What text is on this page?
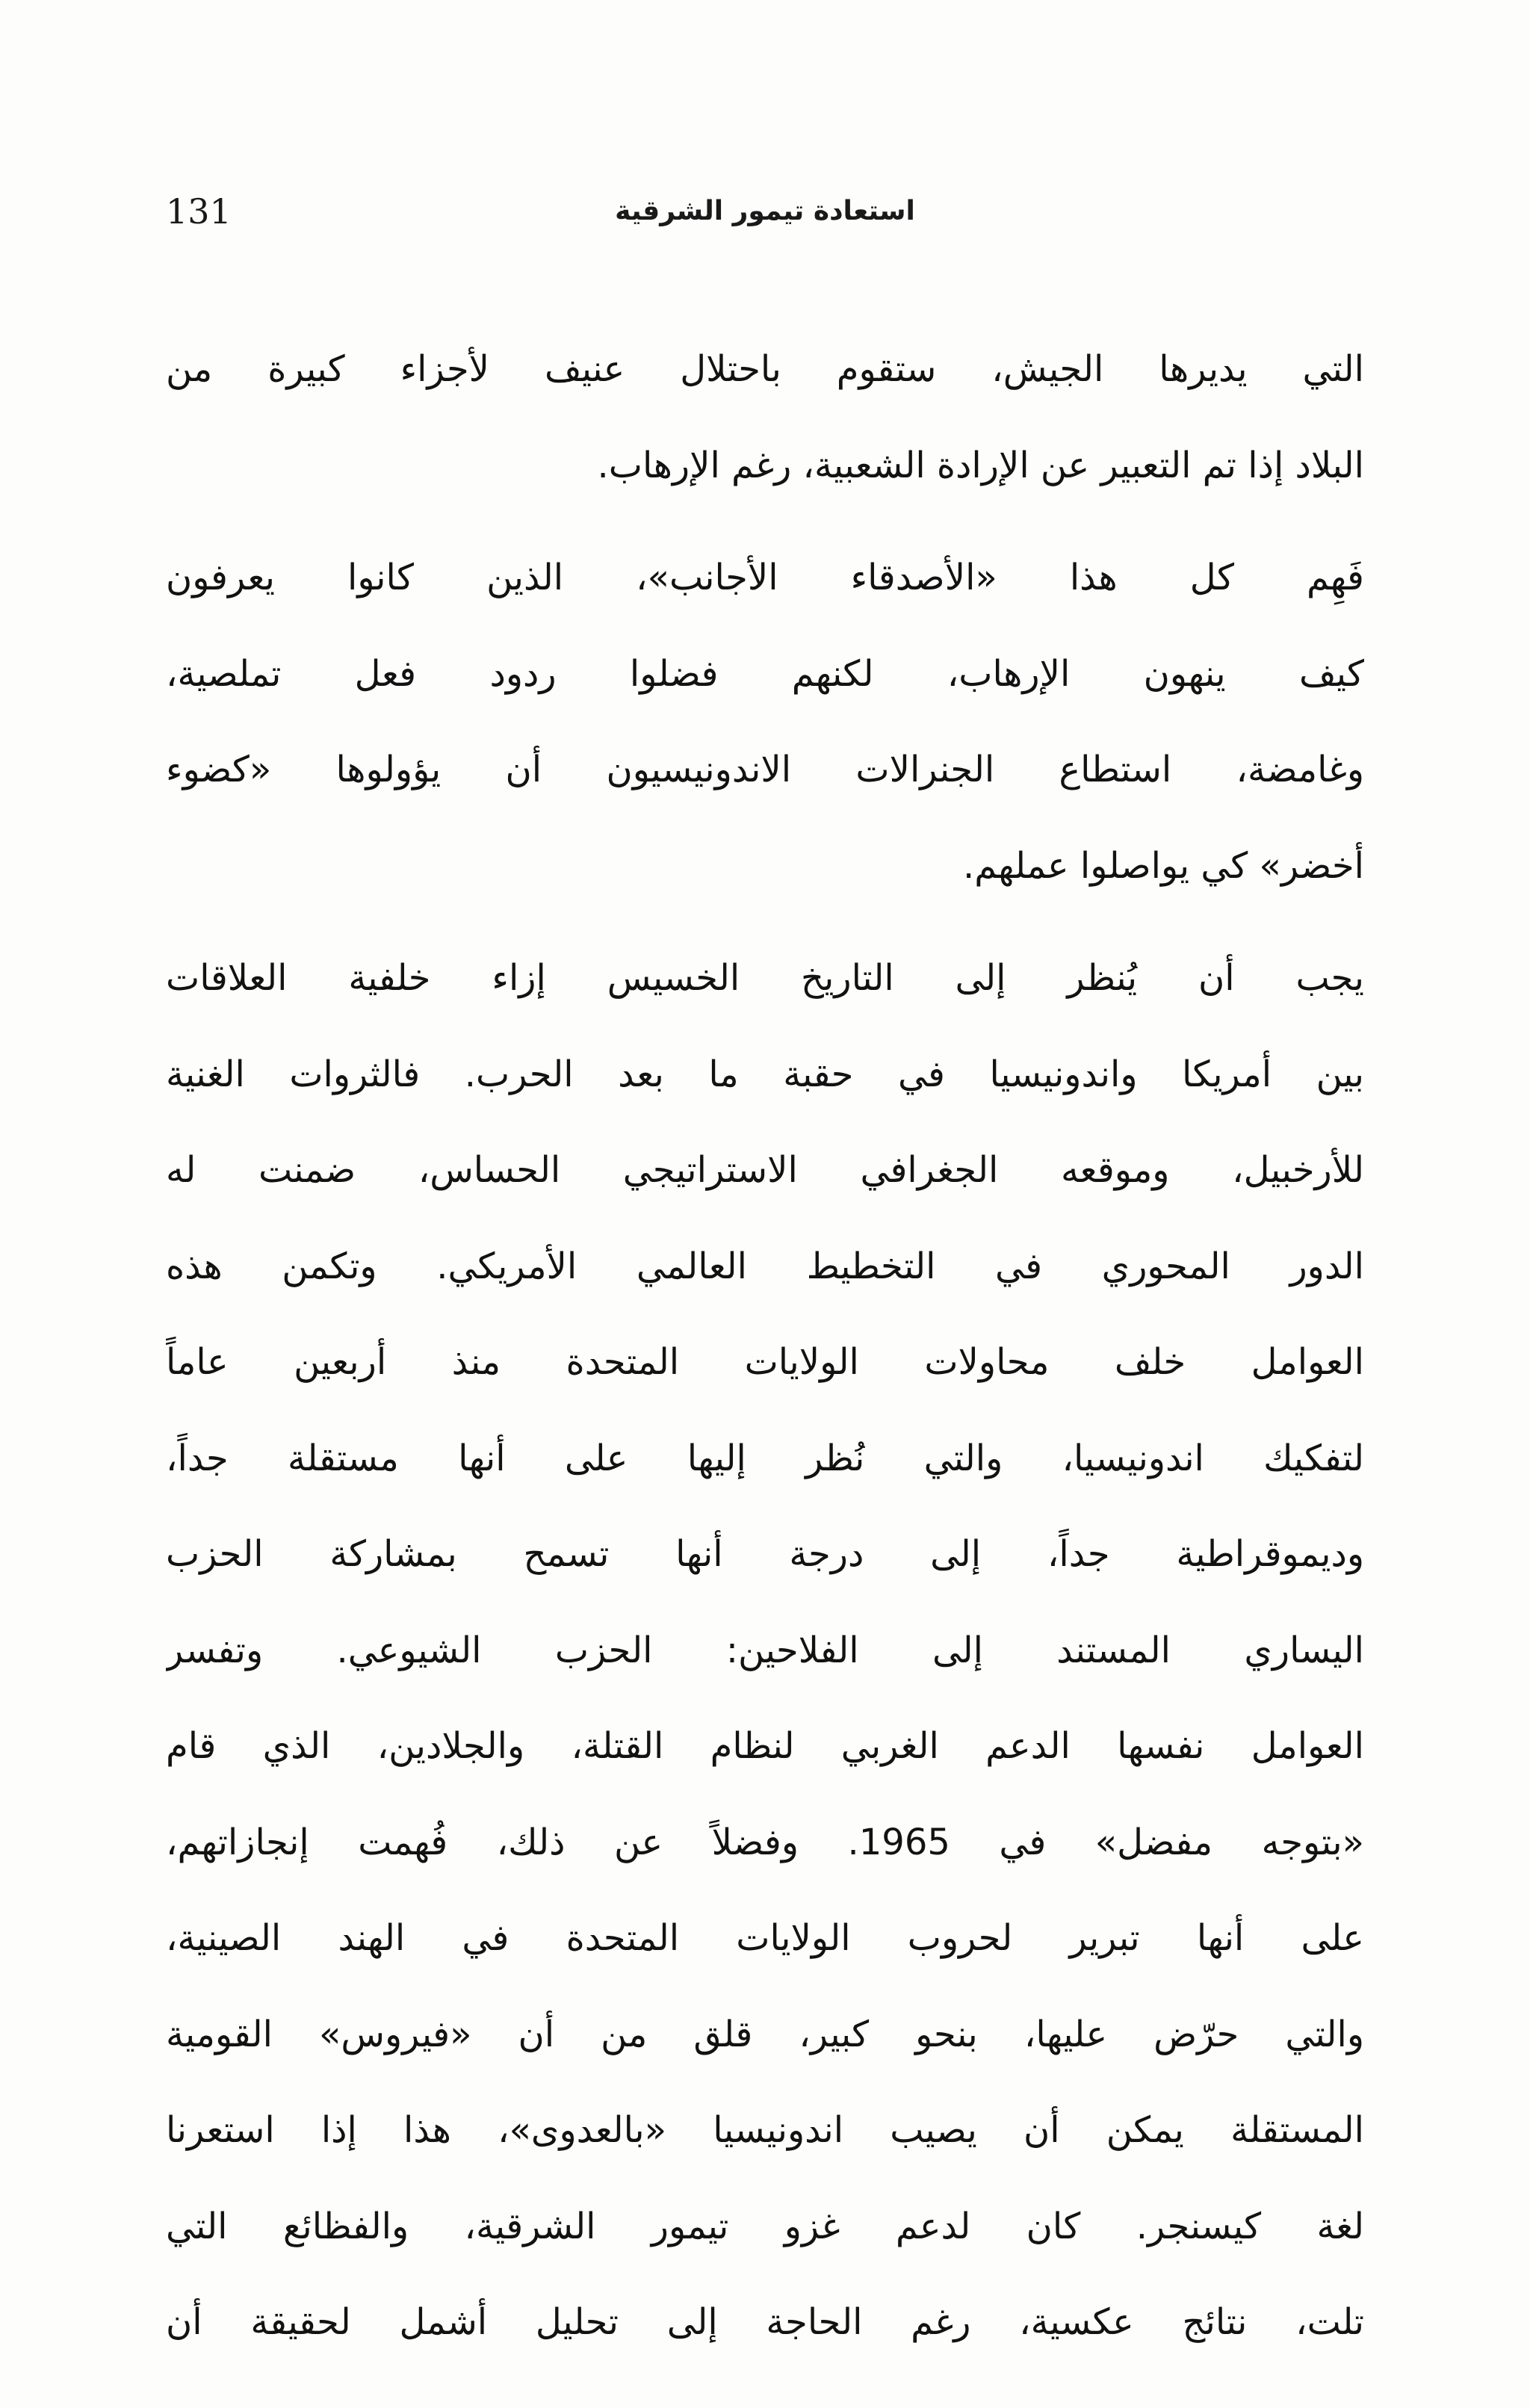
131	استعادة تيمور الشرقية
التي يديرها الجيش، ستقوم باحتلال عنيف لأجزاء كبيرة من
البلاد إذا تم التعبير عن الإرادة الشعبية، رغم الإرهاب.
فَهِم كل هذا «الأصدقاء الأجانب»، الذين كانوا يعرفون
كيف ينهون الإرهاب، لكنهم فضلوا ردود فعل تملصية،
وغامضة، استطاع الجنرالات الاندونيسيون أن يؤولوها «كضوء
أخضر» كي يواصلوا عملهم.
يجب أن يُنظر إلى التاريخ الخسيس إزاء خلفية العلاقات
بين أمريكا واندونيسيا في حقبة ما بعد الحرب. فالثروات الغنية
للأرخبيل، وموقعه الجغرافي الاستراتيجي الحساس، ضمنت له
الدور المحوري في التخطيط العالمي الأمريكي. وتكمن هذه
العوامل خلف محاولات الولايات المتحدة منذ أربعين عاماً
لتفكيك اندونيسيا، والتي نُظر إليها على أنها مستقلة جداً،
وديموقراطية جداً، إلى درجة أنها تسمح بمشاركة الحزب
اليساري المستند إلى الفلاحين: الحزب الشيوعي. وتفسر
العوامل نفسها الدعم الغربي لنظام القتلة، والجلادين، الذي قام
«بتوجه مفضل» في 1965. وفضلاً عن ذلك، فُهمت إنجازاتهم،
على أنها تبرير لحروب الولايات المتحدة في الهند الصينية،
والتي حرّض عليها، بنحو كبير، قلق من أن «فيروس» القومية
المستقلة يمكن أن يصيب اندونيسيا «بالعدوى»، هذا إذا استعرنا
لغة كيسنجر. كان لدعم غزو تيمور الشرقية، والفظائع التي
تلت، نتائج عكسية، رغم الحاجة إلى تحليل أشمل لحقيقة أن
